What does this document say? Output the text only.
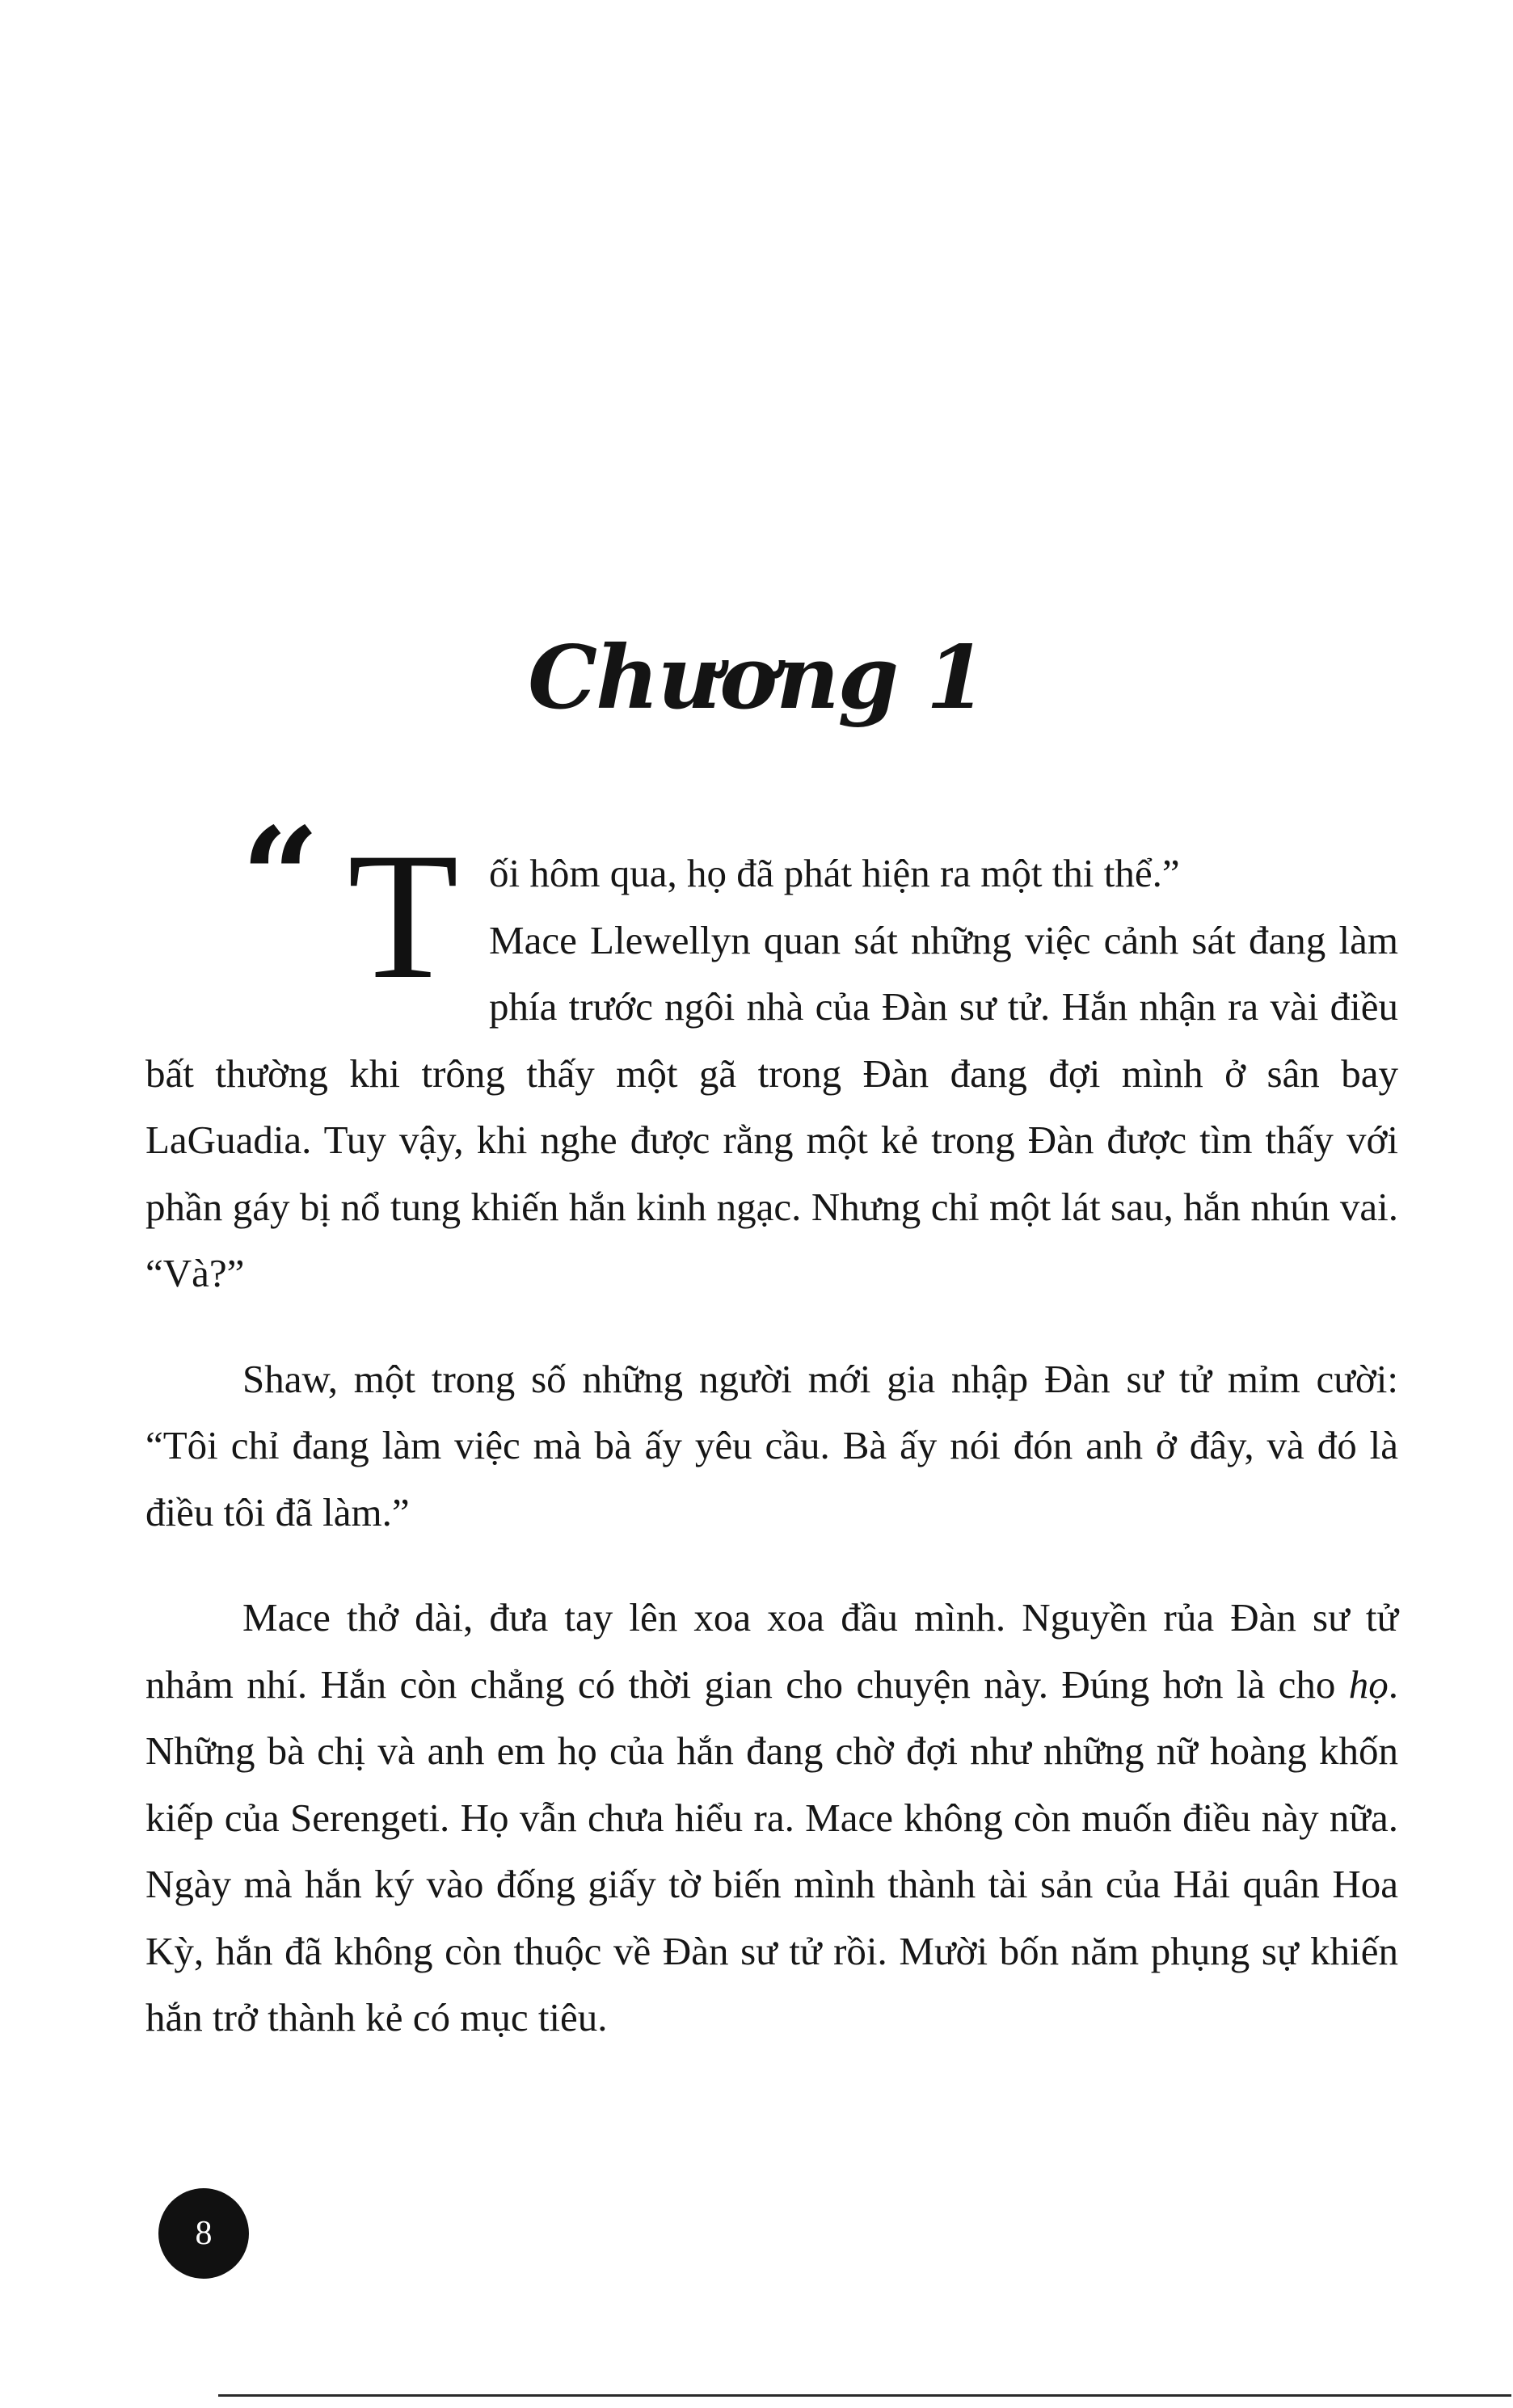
Chương 1
“ T ối hôm qua, họ đã phát hiện ra một thi thể.”

Mace Llewellyn quan sát những việc cảnh sát đang làm phía trước ngôi nhà của Đàn sư tử. Hắn nhận ra vài điều bất thường khi trông thấy một gã trong Đàn đang đợi mình ở sân bay LaGuadia. Tuy vậy, khi nghe được rằng một kẻ trong Đàn được tìm thấy với phần gáy bị nổ tung khiến hắn kinh ngạc. Nhưng chỉ một lát sau, hắn nhún vai. “Và?”

Shaw, một trong số những người mới gia nhập Đàn sư tử mỉm cười: “Tôi chỉ đang làm việc mà bà ấy yêu cầu. Bà ấy nói đón anh ở đây, và đó là điều tôi đã làm.”

Mace thở dài, đưa tay lên xoa xoa đầu mình. Nguyền rủa Đàn sư tử nhảm nhí. Hắn còn chẳng có thời gian cho chuyện này. Đúng hơn là cho họ. Những bà chị và anh em họ của hắn đang chờ đợi như những nữ hoàng khốn kiếp của Serengeti. Họ vẫn chưa hiểu ra. Mace không còn muốn điều này nữa. Ngày mà hắn ký vào đống giấy tờ biến mình thành tài sản của Hải quân Hoa Kỳ, hắn đã không còn thuộc về Đàn sư tử rồi. Mười bốn năm phụng sự khiến hắn trở thành kẻ có mục tiêu.

8
